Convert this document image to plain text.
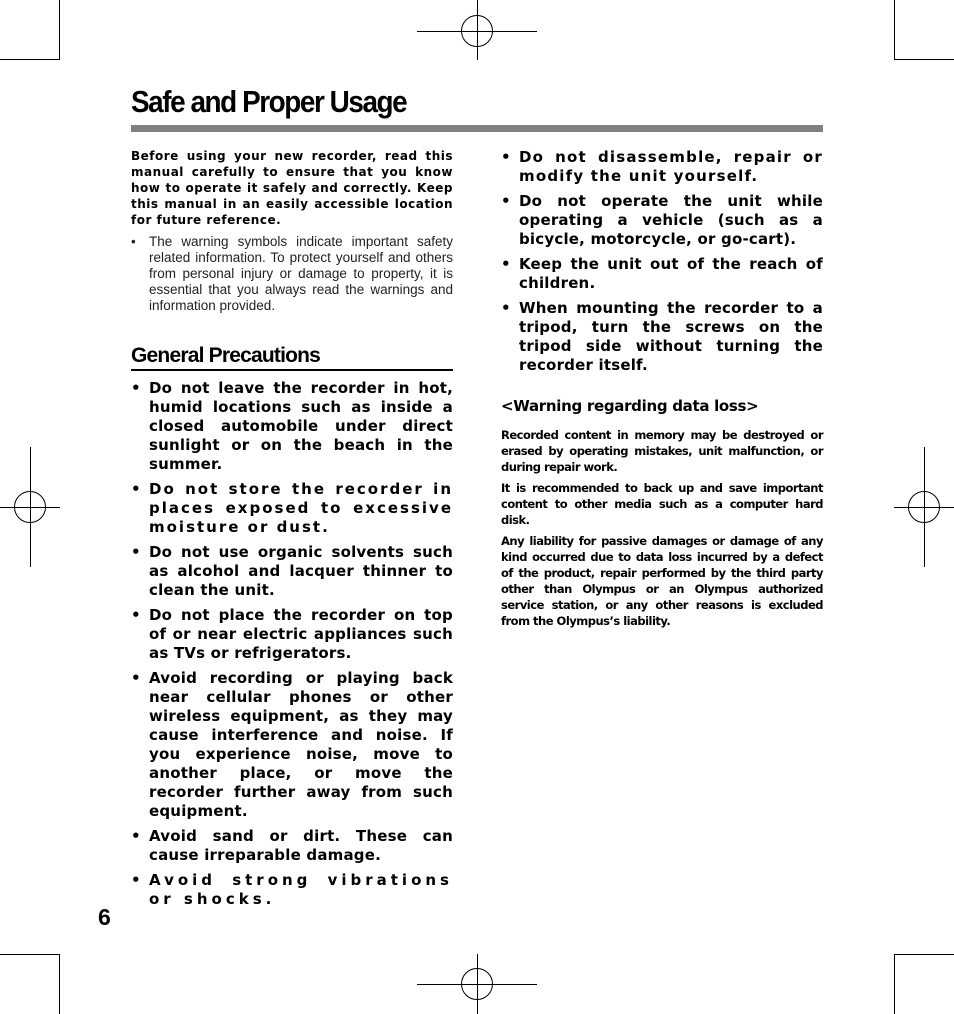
Safe and Proper Usage

Before using your new recorder, read this manual carefully to ensure that you know how to operate it safely and correctly. Keep this manual in an easily accessible location for future reference.

• The warning symbols indicate important safety related information. To protect yourself and others from personal injury or damage to property, it is essential that you always read the warnings and information provided.
General Precautions
• Do not leave the recorder in hot, humid locations such as inside a closed automobile under direct sunlight or on the beach in the summer.
• Do not store the recorder in places exposed to excessive moisture or dust.
• Do not use organic solvents such as alcohol and lacquer thinner to clean the unit.
• Do not place the recorder on top of or near electric appliances such as TVs or refrigerators.
• Avoid recording or playing back near cellular phones or other wireless equipment, as they may cause interference and noise. If you experience noise, move to another place, or move the recorder further away from such equipment.
• Avoid sand or dirt. These can cause irreparable damage.
• Avoid strong vibrations or shocks.
• Do not disassemble, repair or modify the unit yourself.
• Do not operate the unit while operating a vehicle (such as a bicycle, motorcycle, or go-cart).
• Keep the unit out of the reach of children.
• When mounting the recorder to a tripod, turn the screws on the tripod side without turning the recorder itself.
<Warning regarding data loss>

Recorded content in memory may be destroyed or erased by operating mistakes, unit malfunction, or during repair work.

It is recommended to back up and save important content to other media such as a computer hard disk.

Any liability for passive damages or damage of any kind occurred due to data loss incurred by a defect of the product, repair performed by the third party other than Olympus or an Olympus authorized service station, or any other reasons is excluded from the Olympus’s liability.

6
